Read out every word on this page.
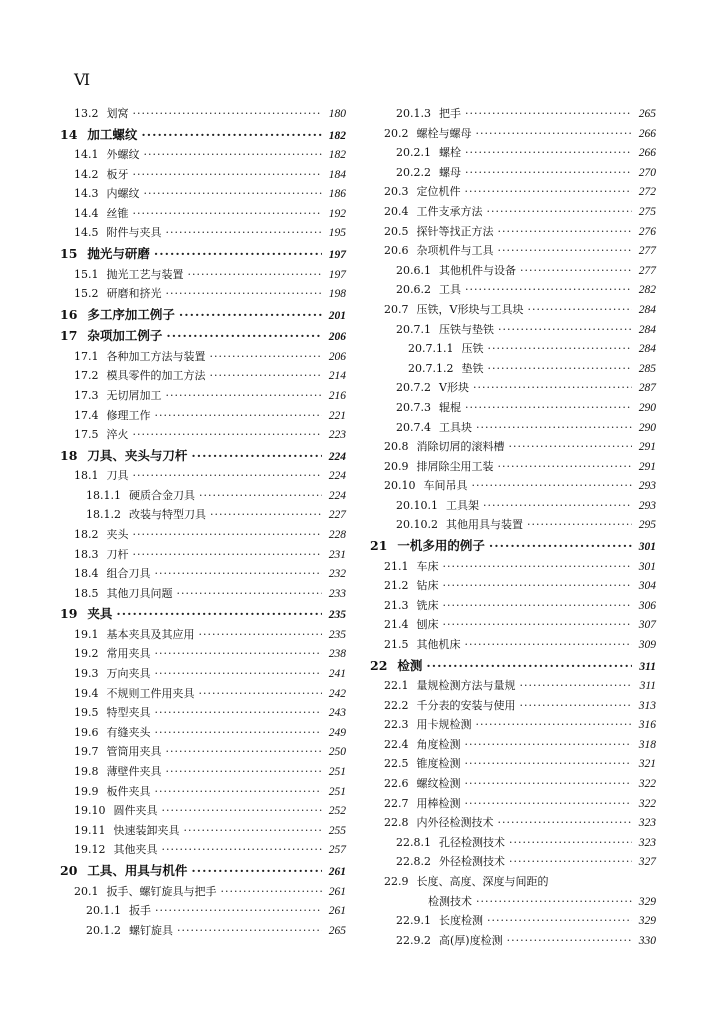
Ⅵ
13.2 划窝 ·····	180
14 加工螺纹 ·····	182
14.1 外螺纹 ·····	182
14.2 板牙 ·····	184
14.3 内螺纹 ·····	186
14.4 丝锥 ·····	192
14.5 附件与夹具 ·····	195
15 抛光与研磨 ·····	197
15.1 抛光工艺与装置 ·····	197
15.2 研磨和挤光 ·····	198
16 多工序加工例子 ·····	201
17 杂项加工例子 ·····	206
17.1 各种加工方法与装置 ·····	206
17.2 模具零件的加工方法 ·····	214
17.3 无切屑加工 ·····	216
17.4 修理工作 ·····	221
17.5 淬火 ·····	223
18 刀具、夹头与刀杆 ·····	224
18.1 刀具 ·····	224
18.1.1 硬质合金刀具 ·····	224
18.1.2 改装与特型刀具 ·····	227
18.2 夹头 ·····	228
18.3 刀杆 ·····	231
18.4 组合刀具 ·····	232
18.5 其他刀具问题 ·····	233
19 夹具 ·····	235
19.1 基本夹具及其应用 ·····	235
19.2 常用夹具 ·····	238
19.3 万向夹具 ·····	241
19.4 不规则工件用夹具 ·····	242
19.5 特型夹具 ·····	243
19.6 有缝夹头 ·····	249
19.7 管筒用夹具 ·····	250
19.8 薄壁件夹具 ·····	251
19.9 板件夹具 ·····	251
19.10 圆件夹具 ·····	252
19.11 快速装卸夹具 ·····	255
19.12 其他夹具 ·····	257
20 工具、用具与机件 ·····	261
20.1 扳手、螺钉旋具与把手 ·····	261
20.1.1 扳手 ·····	261
20.1.2 螺钉旋具 ·····	265
20.1.3 把手 ·····	265
20.2 螺栓与螺母 ·····	266
20.2.1 螺栓 ·····	266
20.2.2 螺母 ·····	270
20.3 定位机件 ·····	272
20.4 工件支承方法 ·····	275
20.5 探针等找正方法 ·····	276
20.6 杂项机件与工具 ·····	277
20.6.1 其他机件与设备 ·····	277
20.6.2 工具 ·····	282
20.7 压铁，V形块与工具块 ·····	284
20.7.1 压铁与垫铁 ·····	284
20.7.1.1 压铁 ·····	284
20.7.1.2 垫铁 ·····	285
20.7.2 V形块 ·····	287
20.7.3 辊棍 ·····	290
20.7.4 工具块 ·····	290
20.8 消除切屑的滚料槽 ·····	291
20.9 排屑除尘用工装 ·····	291
20.10 车间吊具 ·····	293
20.10.1 工具架 ·····	293
20.10.2 其他用具与装置 ·····	295
21 一机多用的例子 ·····	301
21.1 车床 ·····	301
21.2 钻床 ·····	304
21.3 铣床 ·····	306
21.4 刨床 ·····	307
21.5 其他机床 ·····	309
22 检测 ·····	311
22.1 量规检测方法与量规 ·····	311
22.2 千分表的安装与使用 ·····	313
22.3 用卡规检测 ·····	316
22.4 角度检测 ·····	318
22.5 锥度检测 ·····	321
22.6 螺纹检测 ·····	322
22.7 用棒检测 ·····	322
22.8 内外径检测技术 ·····	323
22.8.1 孔径检测技术 ·····	323
22.8.2 外径检测技术 ·····	327
22.9 长度、高度、深度与间距的
检测技术 ·····	329
22.9.1 长度检测 ·····	329
22.9.2 高(厚)度检测 ·····	330
